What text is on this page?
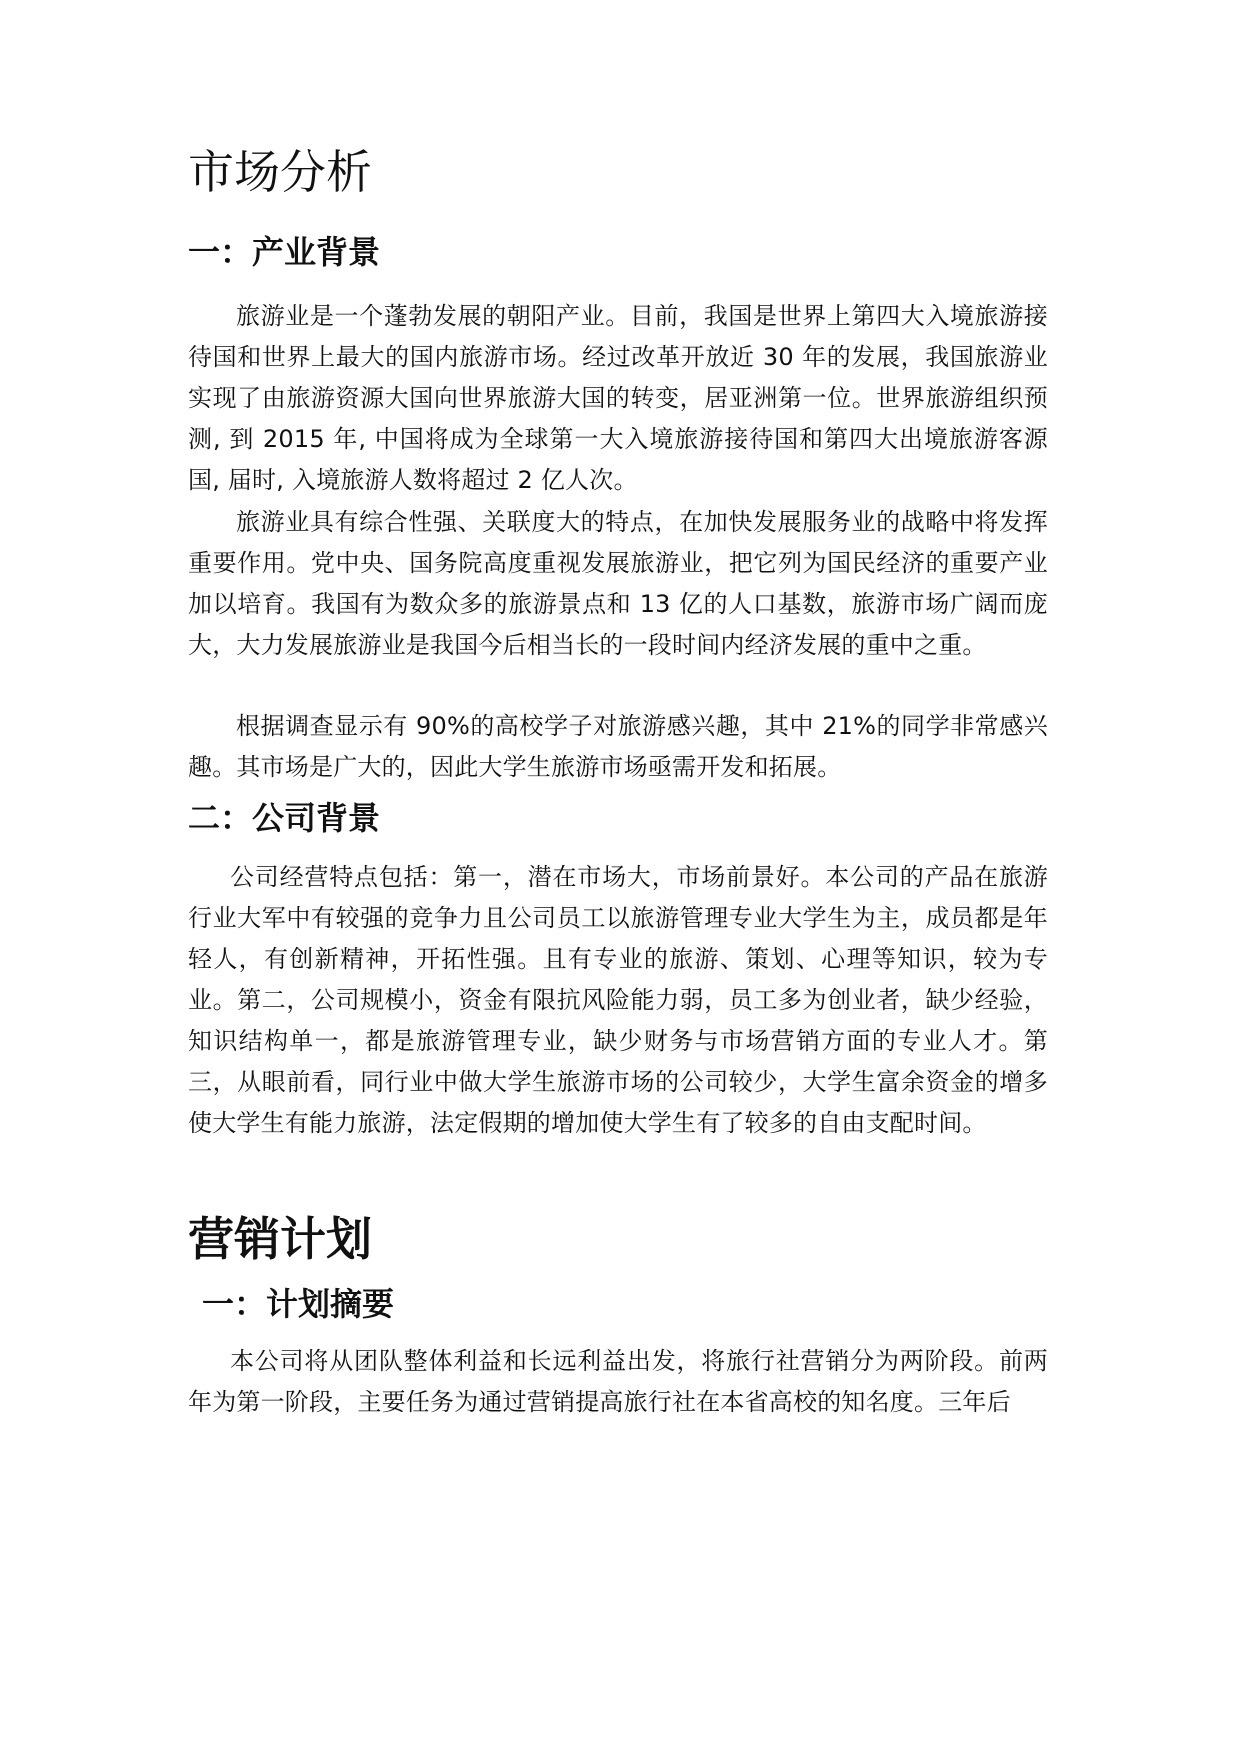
市场分析
一：产业背景

旅游业是一个蓬勃发展的朝阳产业。目前，我国是世界上第四大入境旅游接待国和世界上最大的国内旅游市场。经过改革开放近 30 年的发展，我国旅游业实现了由旅游资源大国向世界旅游大国的转变，居亚洲第一位。世界旅游组织预测, 到 2015 年, 中国将成为全球第一大入境旅游接待国和第四大出境旅游客源国, 届时, 入境旅游人数将超过 2 亿人次。

旅游业具有综合性强、关联度大的特点，在加快发展服务业的战略中将发挥重要作用。党中央、国务院高度重视发展旅游业，把它列为国民经济的重要产业加以培育。我国有为数众多的旅游景点和 13 亿的人口基数，旅游市场广阔而庞大，大力发展旅游业是我国今后相当长的一段时间内经济发展的重中之重。

根据调查显示有 90%的高校学子对旅游感兴趣，其中 21%的同学非常感兴趣。其市场是广大的，因此大学生旅游市场亟需开发和拓展。

二：公司背景

公司经营特点包括：第一，潜在市场大，市场前景好。本公司的产品在旅游行业大军中有较强的竞争力且公司员工以旅游管理专业大学生为主，成员都是年轻人，有创新精神，开拓性强。且有专业的旅游、策划、心理等知识，较为专业。第二，公司规模小，资金有限抗风险能力弱，员工多为创业者，缺少经验，知识结构单一，都是旅游管理专业，缺少财务与市场营销方面的专业人才。第三，从眼前看，同行业中做大学生旅游市场的公司较少，大学生富余资金的增多使大学生有能力旅游，法定假期的增加使大学生有了较多的自由支配时间。

营销计划
一：计划摘要

本公司将从团队整体利益和长远利益出发，将旅行社营销分为两阶段。前两年为第一阶段，主要任务为通过营销提高旅行社在本省高校的知名度。三年后
